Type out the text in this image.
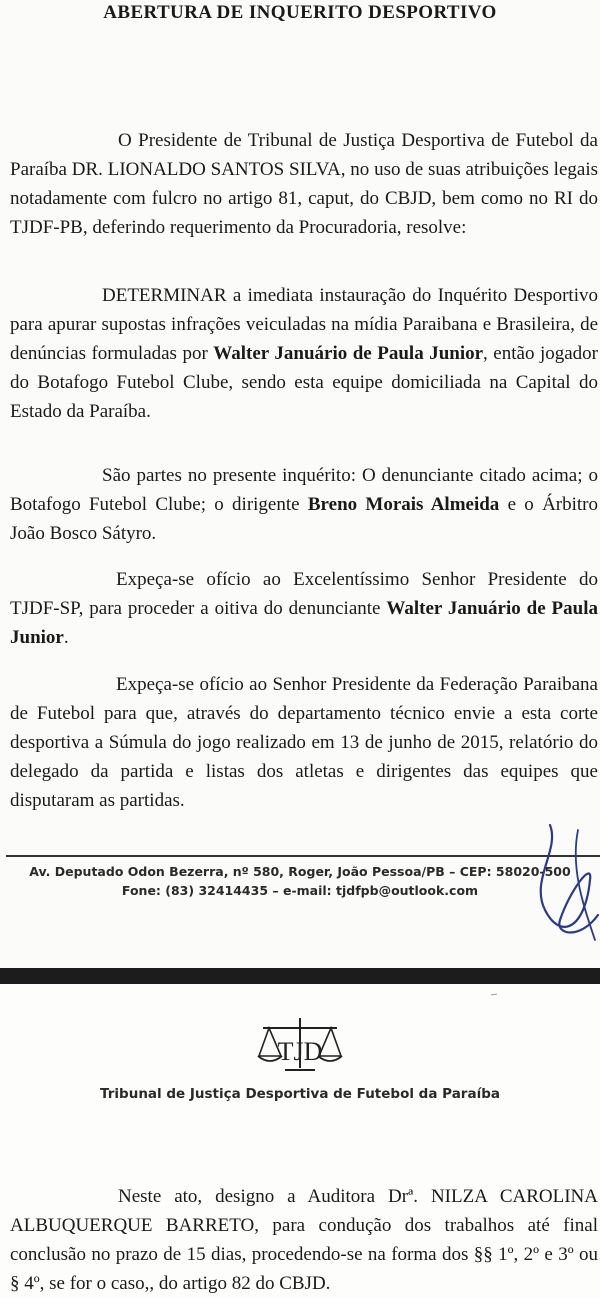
ABERTURA DE INQUERITO DESPORTIVO

O Presidente de Tribunal de Justiça Desportiva de Futebol da Paraíba DR. LIONALDO SANTOS SILVA, no uso de suas atribuições legais notadamente com fulcro no artigo 81, caput, do CBJD, bem como no RI do TJDF-PB, deferindo requerimento da Procuradoria, resolve:

DETERMINAR a imediata instauração do Inquérito Desportivo para apurar supostas infrações veiculadas na mídia Paraibana e Brasileira, de denúncias formuladas por Walter Januário de Paula Junior, então jogador do Botafogo Futebol Clube, sendo esta equipe domiciliada na Capital do Estado da Paraíba.

São partes no presente inquérito: O denunciante citado acima; o Botafogo Futebol Clube; o dirigente Breno Morais Almeida e o Árbitro João Bosco Sátyro.

Expeça-se ofício ao Excelentíssimo Senhor Presidente do TJDF-SP, para proceder a oitiva do denunciante Walter Januário de Paula Junior.

Expeça-se ofício ao Senhor Presidente da Federação Paraibana de Futebol para que, através do departamento técnico envie a esta corte desportiva a Súmula do jogo realizado em 13 de junho de 2015, relatório do delegado da partida e listas dos atletas e dirigentes das equipes que disputaram as partidas.

Av. Deputado Odon Bezerra, nº 580, Roger, João Pessoa/PB – CEP: 58020-500
Fone: (83) 32414435 – e-mail: tjdfpb@outlook.com
TJD
Tribunal de Justiça Desportiva de Futebol da Paraíba

Neste ato, designo a Auditora Drª. NILZA CAROLINA ALBUQUERQUE BARRETO, para condução dos trabalhos até final conclusão no prazo de 15 dias, procedendo-se na forma dos §§ 1º, 2º e 3º ou § 4º, se for o caso,, do artigo 82 do CBJD.
